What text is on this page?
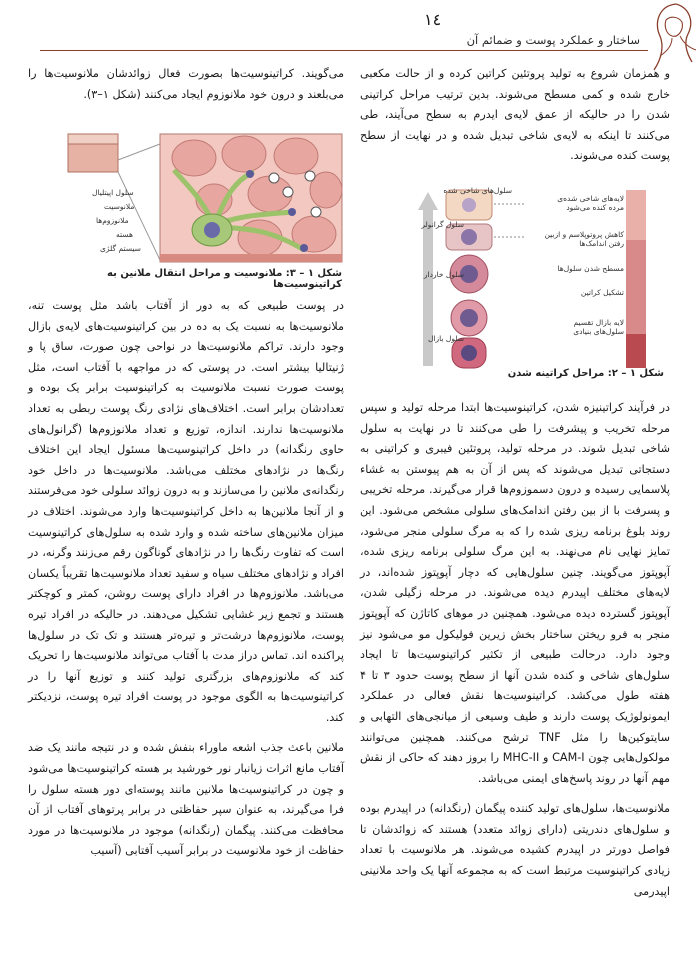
١٤
ساختار و عملکرد پوست و ضمائم آن

و همزمان شروع به تولید پروتئین کراتین کرده و از حالت مکعبی خارج شده و کمی مسطح می‌شوند. بدین ترتیب مراحل کراتینی شدن را در حالیکه از عمق لایه‌ی ایدرم به سطح می‌آیند، طی می‌کنند تا اینکه به لایه‌ی شاخی تبدیل شده و در نهایت از سطح پوست کنده می‌شوند.

سلول‌های شاخی شده
سلول گرانولر
سلول خاردار
سلول بازال
لایه‌های شاخی شده‌ی مرده کنده می‌شود
کاهش پروتوپلاسم و ازبین رفتن اندامک‌ها
مسطح شدن سلول‌ها
تشکیل کراتین
لایه بازال تقسیم سلول‌های بنیادی
شکل ۱ – ۲: مراحل کراتینه شدن

در فرآیند کراتینیزه شدن، کراتینوسیت‌ها ابتدا مرحله تولید و سپس مرحله تخریب و پیشرفت را طی می‌کنند تا در نهایت به سلول شاخی تبدیل شوند. در مرحله تولید، پروتئین فیبری و کراتینی به دستجاتی تبدیل می‌شوند که پس از آن به هم پیوستن به غشاء پلاسمایی رسیده و درون دسموزوم‌ها قرار می‌گیرند. مرحله تخریبی و پسرفت با از بین رفتن اندامک‌های سلولی مشخص می‌شود. این روند بلوغ برنامه ریزی شده را که به مرگ سلولی منجر می‌شود، تمایز نهایی نام می‌نهند. به این مرگ سلولی برنامه ریزی شده، آپوپتوز می‌گویند. چنین سلول‌هایی که دچار آپوپتوز شده‌اند، در لایه‌های مختلف اپیدرم دیده می‌شوند. در مرحله زگیلی شدن، آپوپتوز گسترده دیده می‌شود. همچنین در موهای کاتاژن که آپوپتوز منجر به فرو ریختن ساختار بخش زیرین فولیکول مو می‌شود نیز وجود دارد. درحالت طبیعی از تکثیر کراتینوسیت‌ها تا ایجاد سلول‌های شاخی و کنده شدن آنها از سطح پوست حدود ۳ تا ۴ هفته طول می‌کشد. کراتینوسیت‌ها نقش فعالی در عملکرد ایمونولوژیک پوست دارند و طیف وسیعی از میانجی‌های التهابی و سایتوکین‌ها را مثل TNF ترشح می‌کنند. همچنین می‌توانند مولکول‌هایی چون CAM-I و MHC-II را بروز دهند که حاکی از نقش مهم آنها در روند پاسخ‌های ایمنی می‌باشد.

ملانوسیت‌ها، سلول‌های تولید کننده پیگمان (رنگدانه) در اپیدرم بوده و سلول‌های دندریتی (دارای زوائد متعدد) هستند که زوائدشان تا فواصل دورتر در اپیدرم کشیده می‌شوند. هر ملانوسیت با تعداد زیادی کراتینوسیت مرتبط است که به مجموعه آنها یک واحد ملانینی اپیدرمی

می‌گویند. کراتینوسیت‌ها بصورت فعال زوائدشان ملانوسیت‌ها را می‌بلعند و درون خود ملانوزوم ایجاد می‌کنند (شکل ۱–۳).

سلول اپیتلیال
ملانوسیت
ملانوزوم‌ها
هسته
سیستم گلژی
شکل ۱ – ۳: ملانوسیت و مراحل انتقال ملانین به کراتینوسیت‌ها

در پوست طبیعی که به دور از آفتاب باشد مثل پوست تنه، ملانوسیت‌ها به نسبت یک به ده در بین کراتینوسیت‌های لایه‌ی بازال وجود دارند. تراکم ملانوسیت‌ها در نواحی چون صورت، ساق پا و ژنیتالیا بیشتر است. در پوستی که در مواجهه با آفتاب است، مثل پوست صورت نسبت ملانوسیت به کراتینوسیت برابر یک بوده و تعدادشان برابر است. اختلاف‌های نژادی رنگ پوست ربطی به تعداد ملانوسیت‌ها ندارند. اندازه، توزیع و تعداد ملانوزوم‌ها (گرانول‌های حاوی رنگدانه) در داخل کراتینوسیت‌ها مسئول ایجاد این اختلاف رنگ‌ها در نژادهای مختلف می‌باشد. ملانوسیت‌ها در داخل خود رنگدانه‌ی ملانین را می‌سازند و به درون زوائد سلولی خود می‌فرستند و از آنجا ملانین‌ها به داخل کراتینوسیت‌ها وارد می‌شوند. اختلاف در میزان ملانین‌های ساخته شده و وارد شده به سلول‌های کراتینوسیت است که تفاوت رنگ‌ها را در نژادهای گوناگون رقم می‌زنند وگرنه، در افراد و نژادهای مختلف سیاه و سفید تعداد ملانوسیت‌ها تقریباً یکسان می‌باشد. ملانوزوم‌ها در افراد دارای پوست روشن، کمتر و کوچکتر هستند و تجمع زیر غشایی تشکیل می‌دهند. در حالیکه در افراد تیره پوست، ملانوزوم‌ها درشت‌تر و تیره‌تر هستند و تک تک در سلول‌ها پراکنده اند. تماس دراز مدت با آفتاب می‌تواند ملانوسیت‌ها را تحریک کند که ملانوزوم‌های بزرگتری تولید کنند و توزیع آنها را در کراتینوسیت‌ها به الگوی موجود در پوست افراد تیره پوست، نزدیکتر کند.

ملانین باعث جذب اشعه ماوراء بنفش شده و در نتیجه مانند یک ضد آفتاب مانع اثرات زیانبار نور خورشید بر هسته کراتینوسیت‌ها می‌شود و چون در کراتینوسیت‌ها ملانین مانند پوسته‌ای دور هسته سلول را فرا می‌گیرند، به عنوان سپر حفاظتی در برابر پرتوهای آفتاب از آن محافظت می‌کنند. پیگمان (رنگدانه) موجود در ملانوسیت‌ها در مورد حفاظت از خود ملانوسیت در برابر آسیب آفتابی (آسیب
